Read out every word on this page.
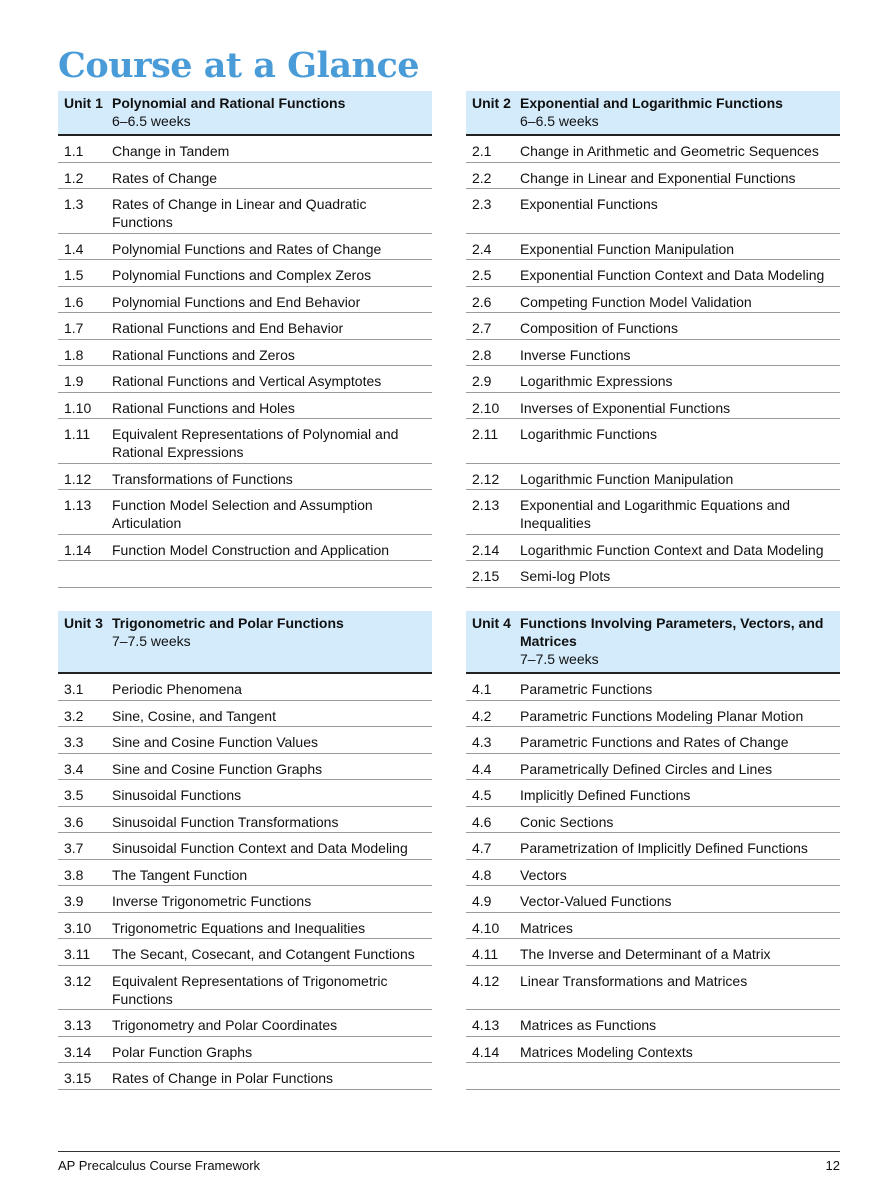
Course at a Glance
Unit 1 Polynomial and Rational Functions
6–6.5 weeks
1.1	Change in Tandem
1.2	Rates of Change
1.3	Rates of Change in Linear and Quadratic Functions
1.4	Polynomial Functions and Rates of Change
1.5	Polynomial Functions and Complex Zeros
1.6	Polynomial Functions and End Behavior
1.7	Rational Functions and End Behavior
1.8	Rational Functions and Zeros
1.9	Rational Functions and Vertical Asymptotes
1.10	Rational Functions and Holes
1.11	Equivalent Representations of Polynomial and Rational Expressions
1.12	Transformations of Functions
1.13	Function Model Selection and Assumption Articulation
1.14	Function Model Construction and Application
Unit 2 Exponential and Logarithmic Functions
6–6.5 weeks
2.1	Change in Arithmetic and Geometric Sequences
2.2	Change in Linear and Exponential Functions
2.3	Exponential Functions
2.4	Exponential Function Manipulation
2.5	Exponential Function Context and Data Modeling
2.6	Competing Function Model Validation
2.7	Composition of Functions
2.8	Inverse Functions
2.9	Logarithmic Expressions
2.10	Inverses of Exponential Functions
2.11	Logarithmic Functions
2.12	Logarithmic Function Manipulation
2.13	Exponential and Logarithmic Equations and Inequalities
2.14	Logarithmic Function Context and Data Modeling
2.15	Semi-log Plots
Unit 3 Trigonometric and Polar Functions
7–7.5 weeks
3.1	Periodic Phenomena
3.2	Sine, Cosine, and Tangent
3.3	Sine and Cosine Function Values
3.4	Sine and Cosine Function Graphs
3.5	Sinusoidal Functions
3.6	Sinusoidal Function Transformations
3.7	Sinusoidal Function Context and Data Modeling
3.8	The Tangent Function
3.9	Inverse Trigonometric Functions
3.10	Trigonometric Equations and Inequalities
3.11	The Secant, Cosecant, and Cotangent Functions
3.12	Equivalent Representations of Trigonometric Functions
3.13	Trigonometry and Polar Coordinates
3.14	Polar Function Graphs
3.15	Rates of Change in Polar Functions
Unit 4 Functions Involving Parameters, Vectors, and Matrices
7–7.5 weeks
4.1	Parametric Functions
4.2	Parametric Functions Modeling Planar Motion
4.3	Parametric Functions and Rates of Change
4.4	Parametrically Defined Circles and Lines
4.5	Implicitly Defined Functions
4.6	Conic Sections
4.7	Parametrization of Implicitly Defined Functions
4.8	Vectors
4.9	Vector-Valued Functions
4.10	Matrices
4.11	The Inverse and Determinant of a Matrix
4.12	Linear Transformations and Matrices
4.13	Matrices as Functions
4.14	Matrices Modeling Contexts
AP Precalculus Course Framework	12
